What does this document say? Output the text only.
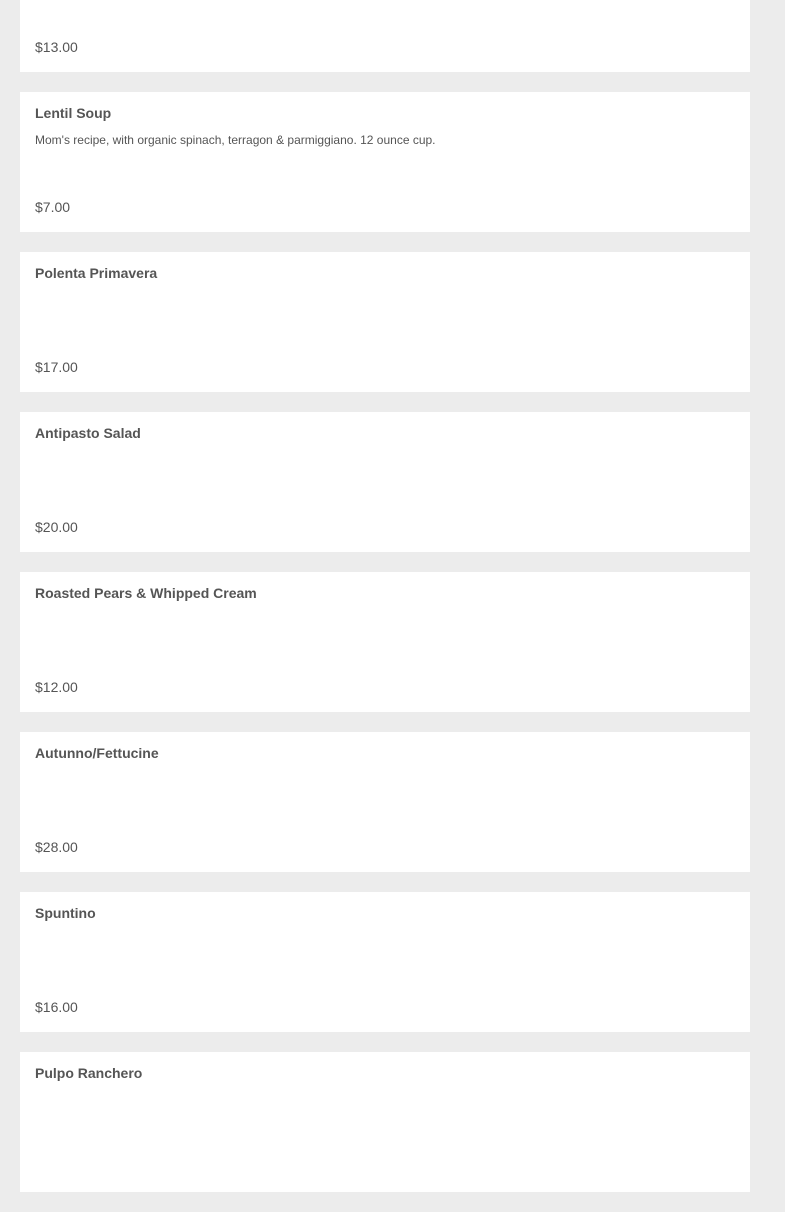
$13.00
Lentil Soup
Mom's recipe, with organic spinach, terragon & parmiggiano. 12 ounce cup.
$7.00
Polenta Primavera
$17.00
Antipasto Salad
$20.00
Roasted Pears & Whipped Cream
$12.00
Autunno/Fettucine
$28.00
Spuntino
$16.00
Pulpo Ranchero
